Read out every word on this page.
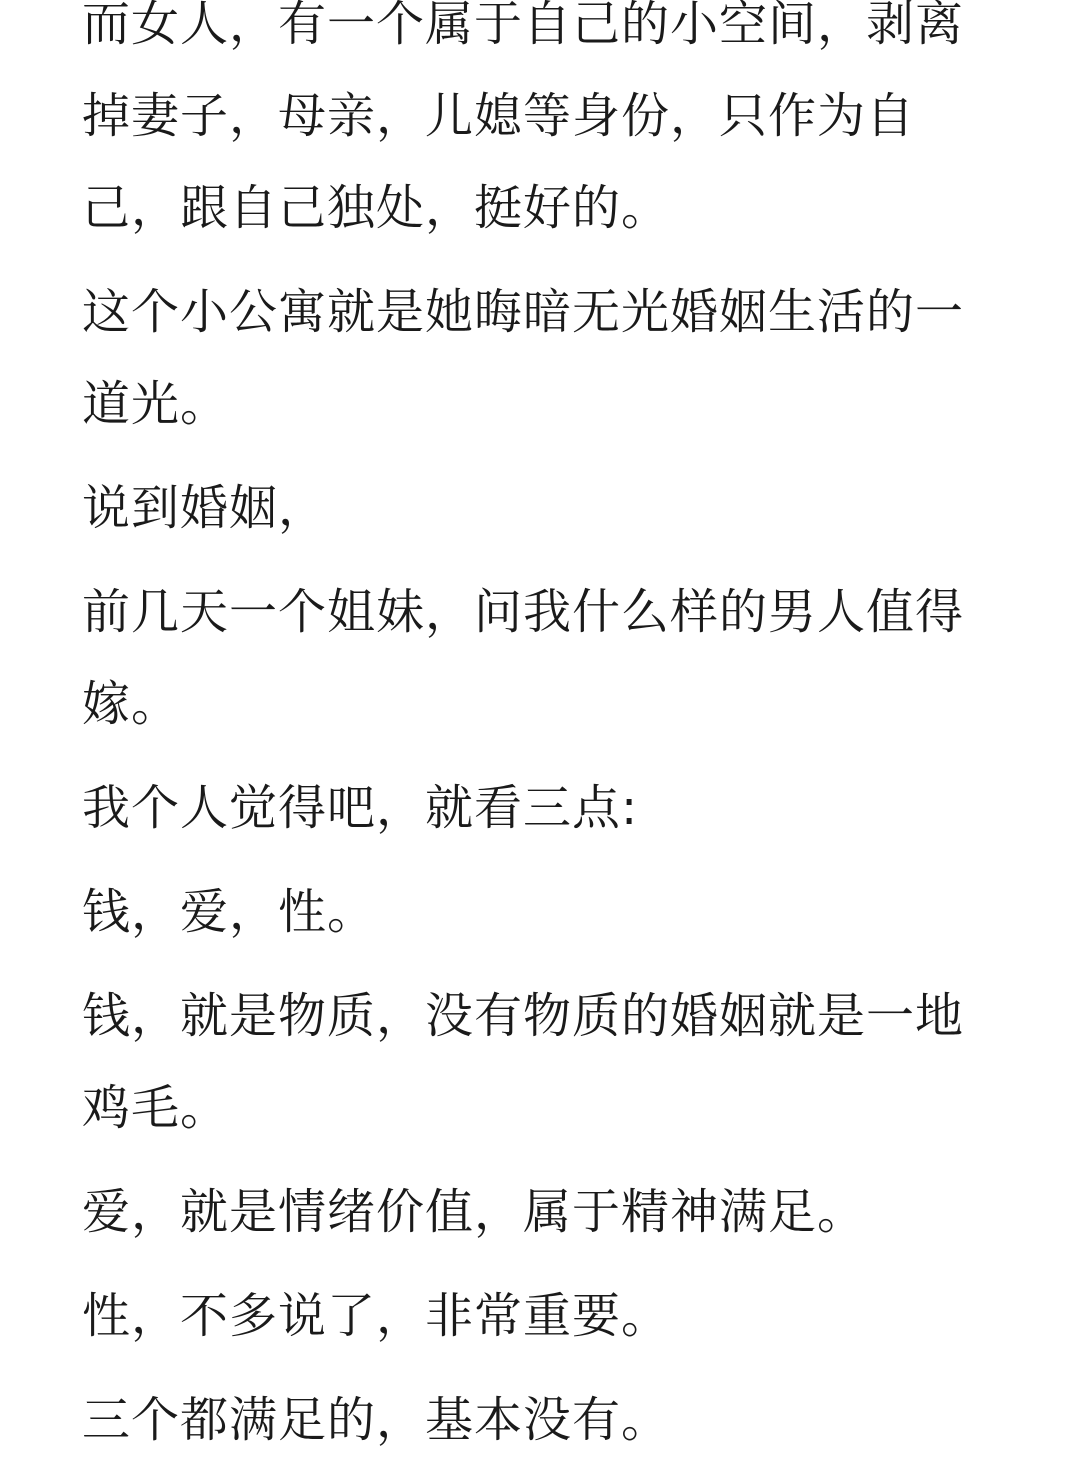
而女人，有一个属于自己的小空间，剥离
掉妻子，母亲，儿媳等身份，只作为自
己，跟自己独处，挺好的。

这个小公寓就是她晦暗无光婚姻生活的一
道光。

说到婚姻，

前几天一个姐妹，问我什么样的男人值得
嫁。

我个人觉得吧，就看三点:

钱，爱，性。

钱，就是物质，没有物质的婚姻就是一地
鸡毛。

爱，就是情绪价值，属于精神满足。

性，不多说了，非常重要。

三个都满足的，基本没有。
